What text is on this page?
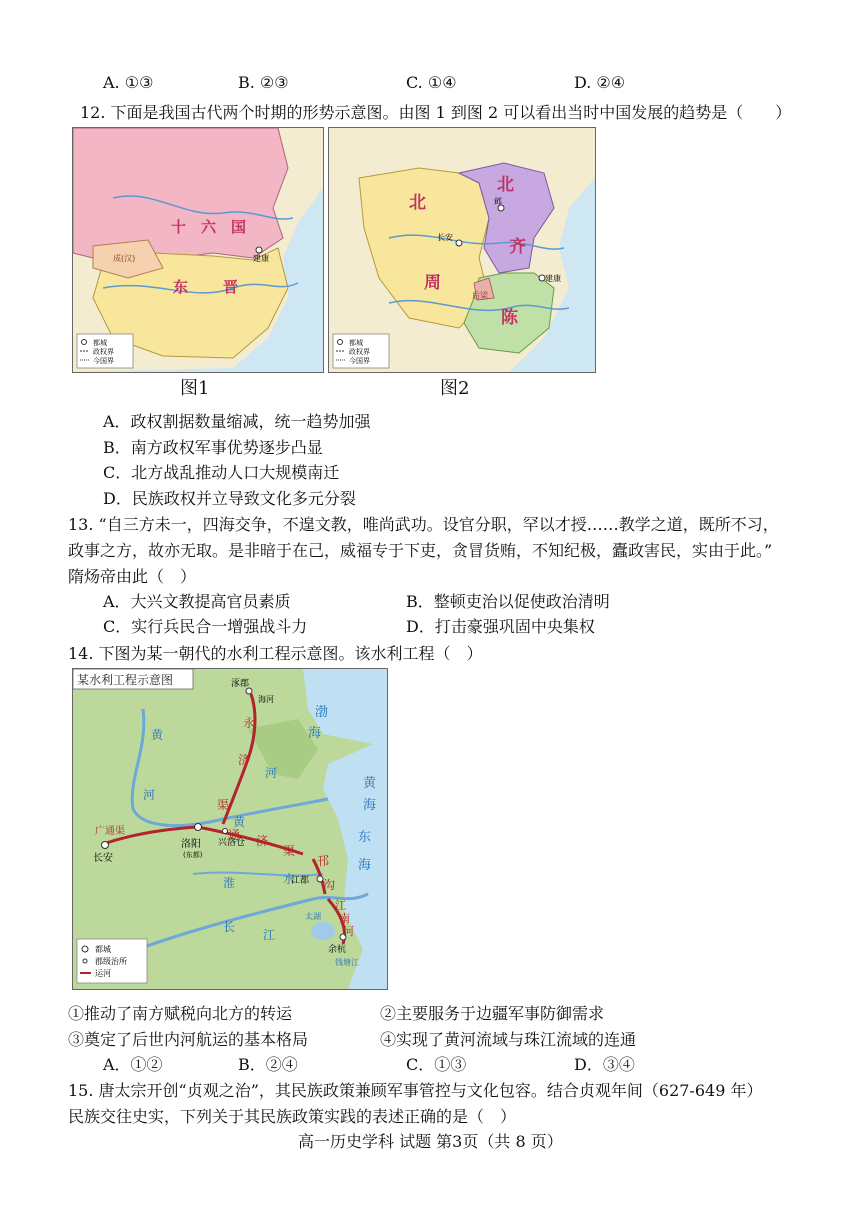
A. ①③	B. ②③	C. ①④	D. ②④
12. 下面是我国古代两个时期的形势示意图。由图 1 到图 2 可以看出当时中国发展的趋势是（　　）
都城
政权界
今国界
十 六 国
东 晋
建康
成(汉)
图1
都城
政权界
今国界
北
周
北
齐
陈
长安
邺
建康
后梁
图2
A．政权割据数量缩减，统一趋势加强
B．南方政权军事优势逐步凸显
C．北方战乱推动人口大规模南迁
D．民族政权并立导致文化多元分裂
13. “自三方未一，四海交争，不遑文教，唯尚武功。设官分职，罕以才授……教学之道，既所不习，
政事之方，故亦无取。是非暗于在己，威福专于下吏，贪冒货贿，不知纪极，蠹政害民，实由于此。”
隋炀帝由此（　）
A．大兴文教提高官员素质	B．整顿吏治以促使政治清明
C．实行兵民合一增强战斗力	D．打击豪强巩固中央集权
14. 下图为某一朝代的水利工程示意图。该水利工程（　）
某水利工程示意图	涿郡
海河
渤
海
永
济
渠
黄
河
河
广通渠
长安
洛阳
(东都)
兴洛仓
黄
通 济
渠
淮	水
邗
沟
江都
江
南
河
太湖
余杭
钱塘江
长
江
黄
海
东
海
都城
郡级治所
运河
①推动了南方赋税向北方的转运	②主要服务于边疆军事防御需求
③奠定了后世内河航运的基本格局	④实现了黄河流域与珠江流域的连通
A．①②	B．②④	C．①③	D．③④
15. 唐太宗开创“贞观之治”，其民族政策兼顾军事管控与文化包容。结合贞观年间（627-649 年）
民族交往史实，下列关于其民族政策实践的表述正确的是（　）
高一历史学科 试题 第3页（共 8 页）
